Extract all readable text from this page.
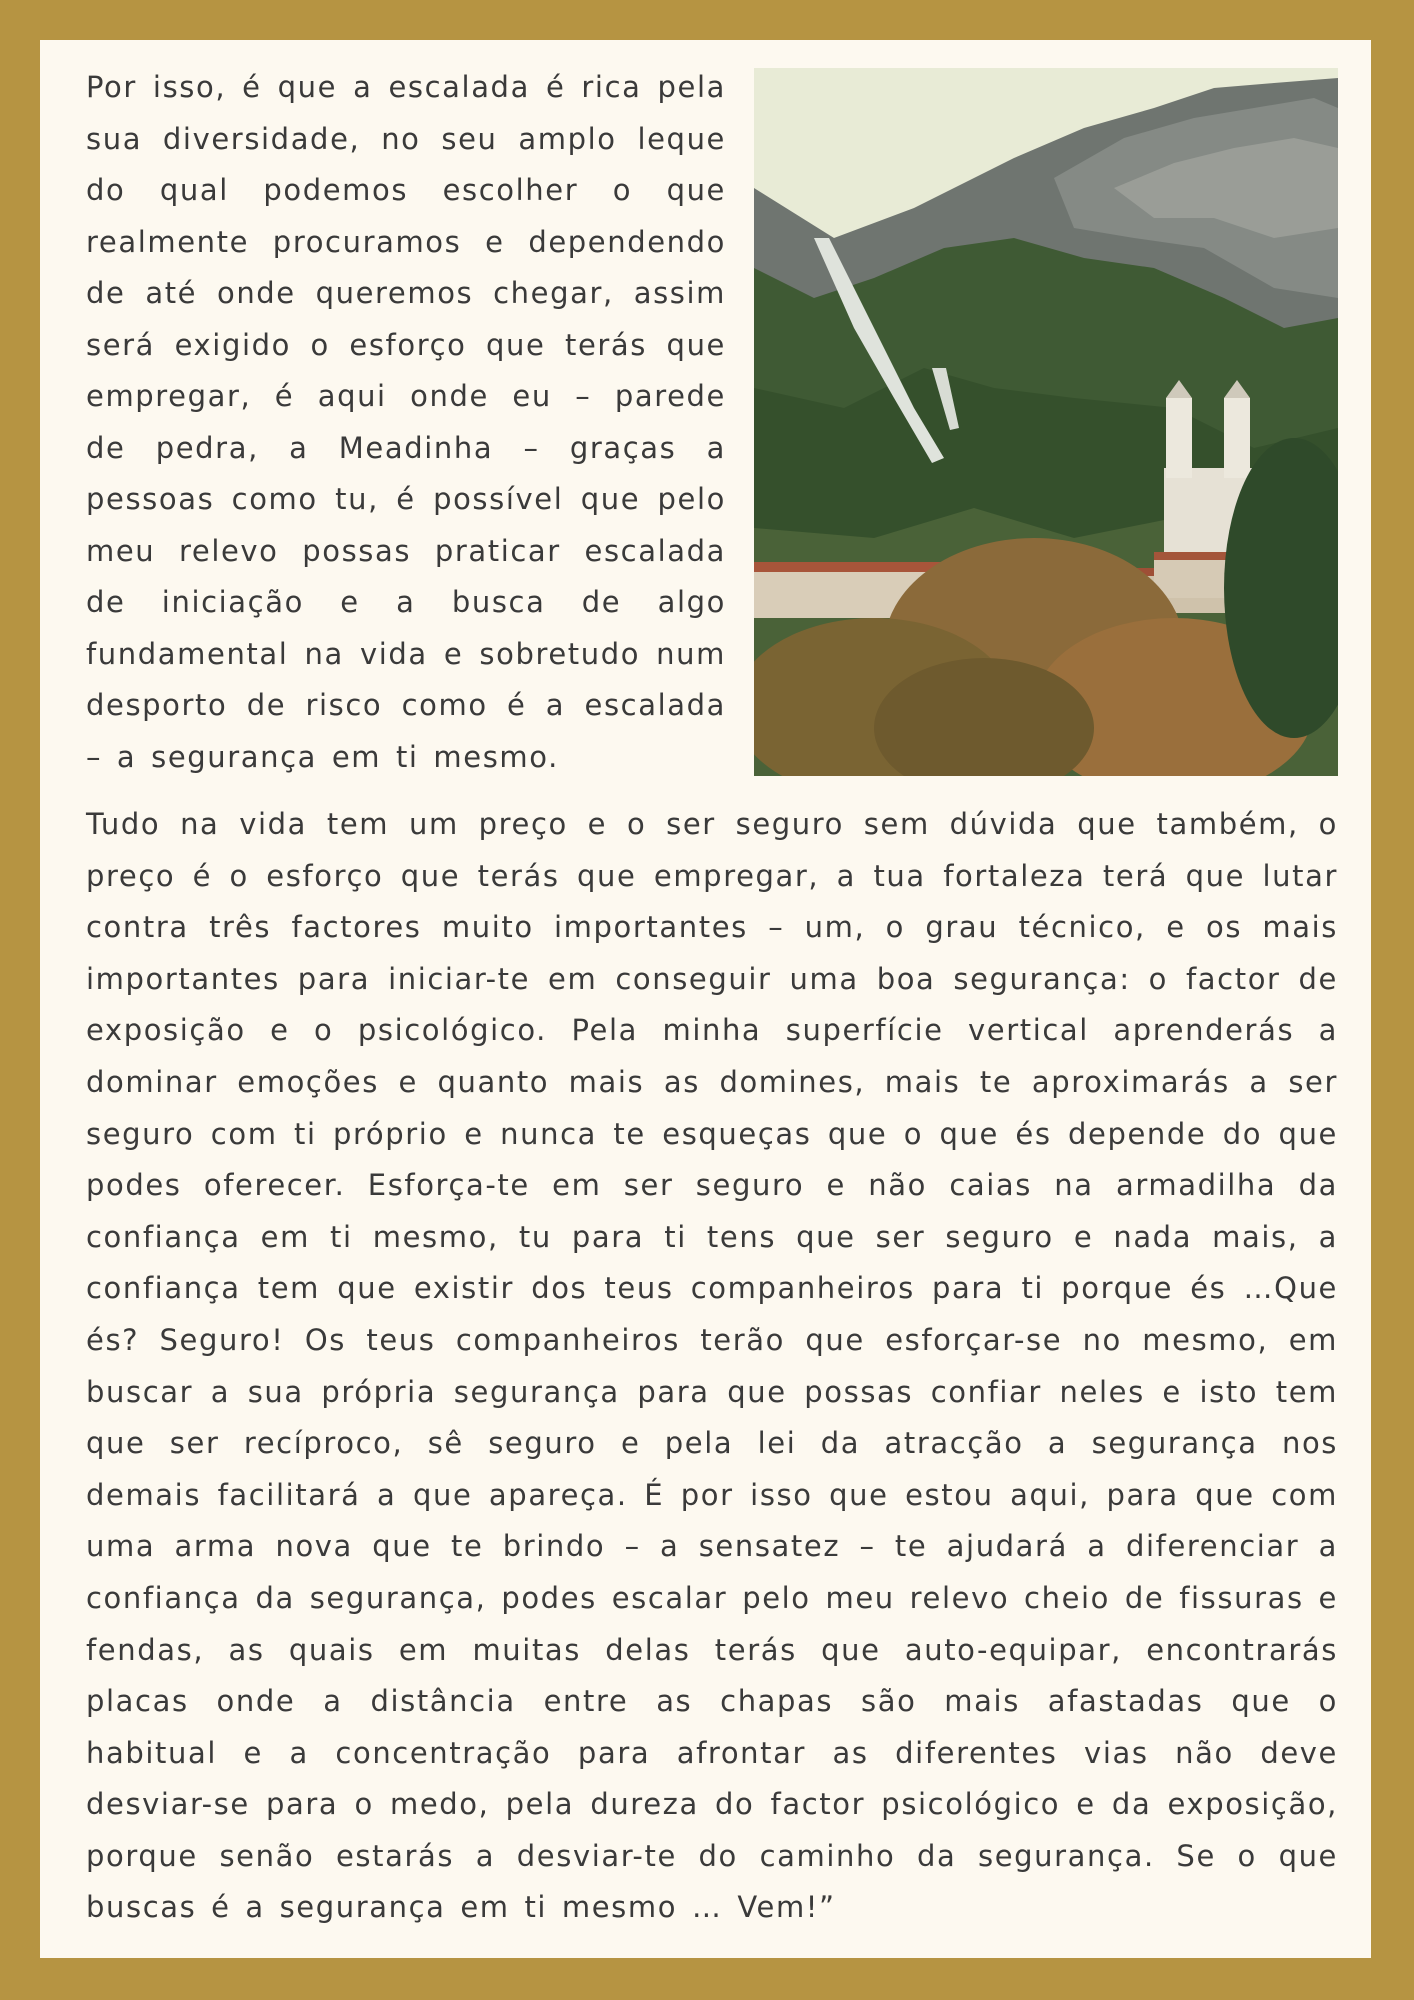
Por isso, é que a escalada é rica pela sua diversidade, no seu amplo leque do qual podemos escolher o que realmente procuramos e dependendo de até onde queremos chegar, assim será exigido o esforço que terás que empregar, é aqui onde eu – parede de pedra, a Meadinha – graças a pessoas como tu, é possível que pelo meu relevo possas praticar escalada de iniciação e a busca de algo fundamental na vida e sobretudo num desporto de risco como é a escalada – a segurança em ti mesmo.

Tudo na vida tem um preço e o ser seguro sem dúvida que também, o preço é o esforço que terás que empregar, a tua fortaleza terá que lutar contra três factores muito importantes – um, o grau técnico, e os mais importantes para iniciar-te em conseguir uma boa segurança: o factor de exposição e o psicológico. Pela minha superfície vertical aprenderás a dominar emoções e quanto mais as domines, mais te aproximarás a ser seguro com ti próprio e nunca te esqueças que o que és depende do que podes oferecer. Esforça-te em ser seguro e não caias na armadilha da confiança em ti mesmo, tu para ti tens que ser seguro e nada mais, a confiança tem que existir dos teus companheiros para ti porque és …Que és? Seguro! Os teus companheiros terão que esforçar-se no mesmo, em buscar a sua própria segurança para que possas confiar neles e isto tem que ser recíproco, sê seguro e pela lei da atracção a segurança nos demais facilitará a que apareça. É por isso que estou aqui, para que com uma arma nova que te brindo – a sensatez – te ajudará a diferenciar a confiança da segurança, podes escalar pelo meu relevo cheio de fissuras e fendas, as quais em muitas delas terás que auto-equipar, encontrarás placas onde a distância entre as chapas são mais afastadas que o habitual e a concentração para afrontar as diferentes vias não deve desviar-se para o medo, pela dureza do factor psicológico e da exposição, porque senão estarás a desviar-te do caminho da segurança. Se o que buscas é a segurança em ti mesmo … Vem!”
